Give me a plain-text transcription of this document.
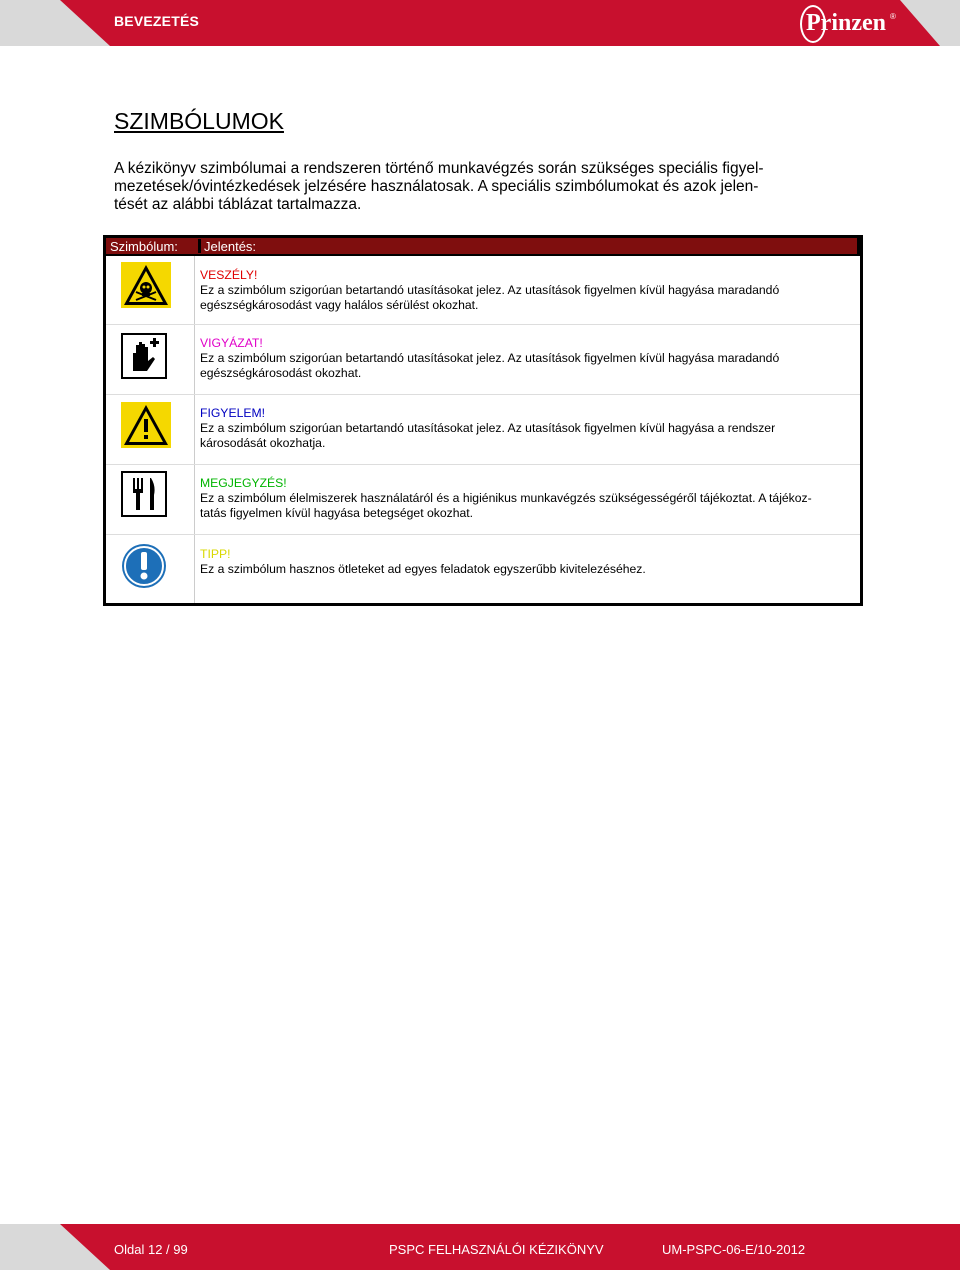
BEVEZETÉS	Prinzen ®
SZIMBÓLUMOK
A kézikönyv szimbólumai a rendszeren történő munkavégzés során szükséges speciális figyel-
mezetések/óvintézkedések jelzésére használatosak. A speciális szimbólumokat és azok jelen-
tését az alábbi táblázat tartalmazza.
Szimbólum:	Jelentés:
VESZÉLY!
Ez a szimbólum szigorúan betartandó utasításokat jelez. Az utasítások figyelmen kívül hagyása maradandó
egészségkárosodást vagy halálos sérülést okozhat.
VIGYÁZAT!
Ez a szimbólum szigorúan betartandó utasításokat jelez. Az utasítások figyelmen kívül hagyása maradandó
egészségkárosodást okozhat.
FIGYELEM!
Ez a szimbólum szigorúan betartandó utasításokat jelez. Az utasítások figyelmen kívül hagyása a rendszer
károsodását okozhatja.
MEGJEGYZÉS!
Ez a szimbólum élelmiszerek használatáról és a higiénikus munkavégzés szükségességéről tájékoztat. A tájékoz-
tatás figyelmen kívül hagyása betegséget okozhat.
TIPP!
Ez a szimbólum hasznos ötleteket ad egyes feladatok egyszerűbb kivitelezéséhez.
Oldal 12 / 99	PSPC FELHASZNÁLÓI KÉZIKÖNYV	UM-PSPC-06-E/10-2012
